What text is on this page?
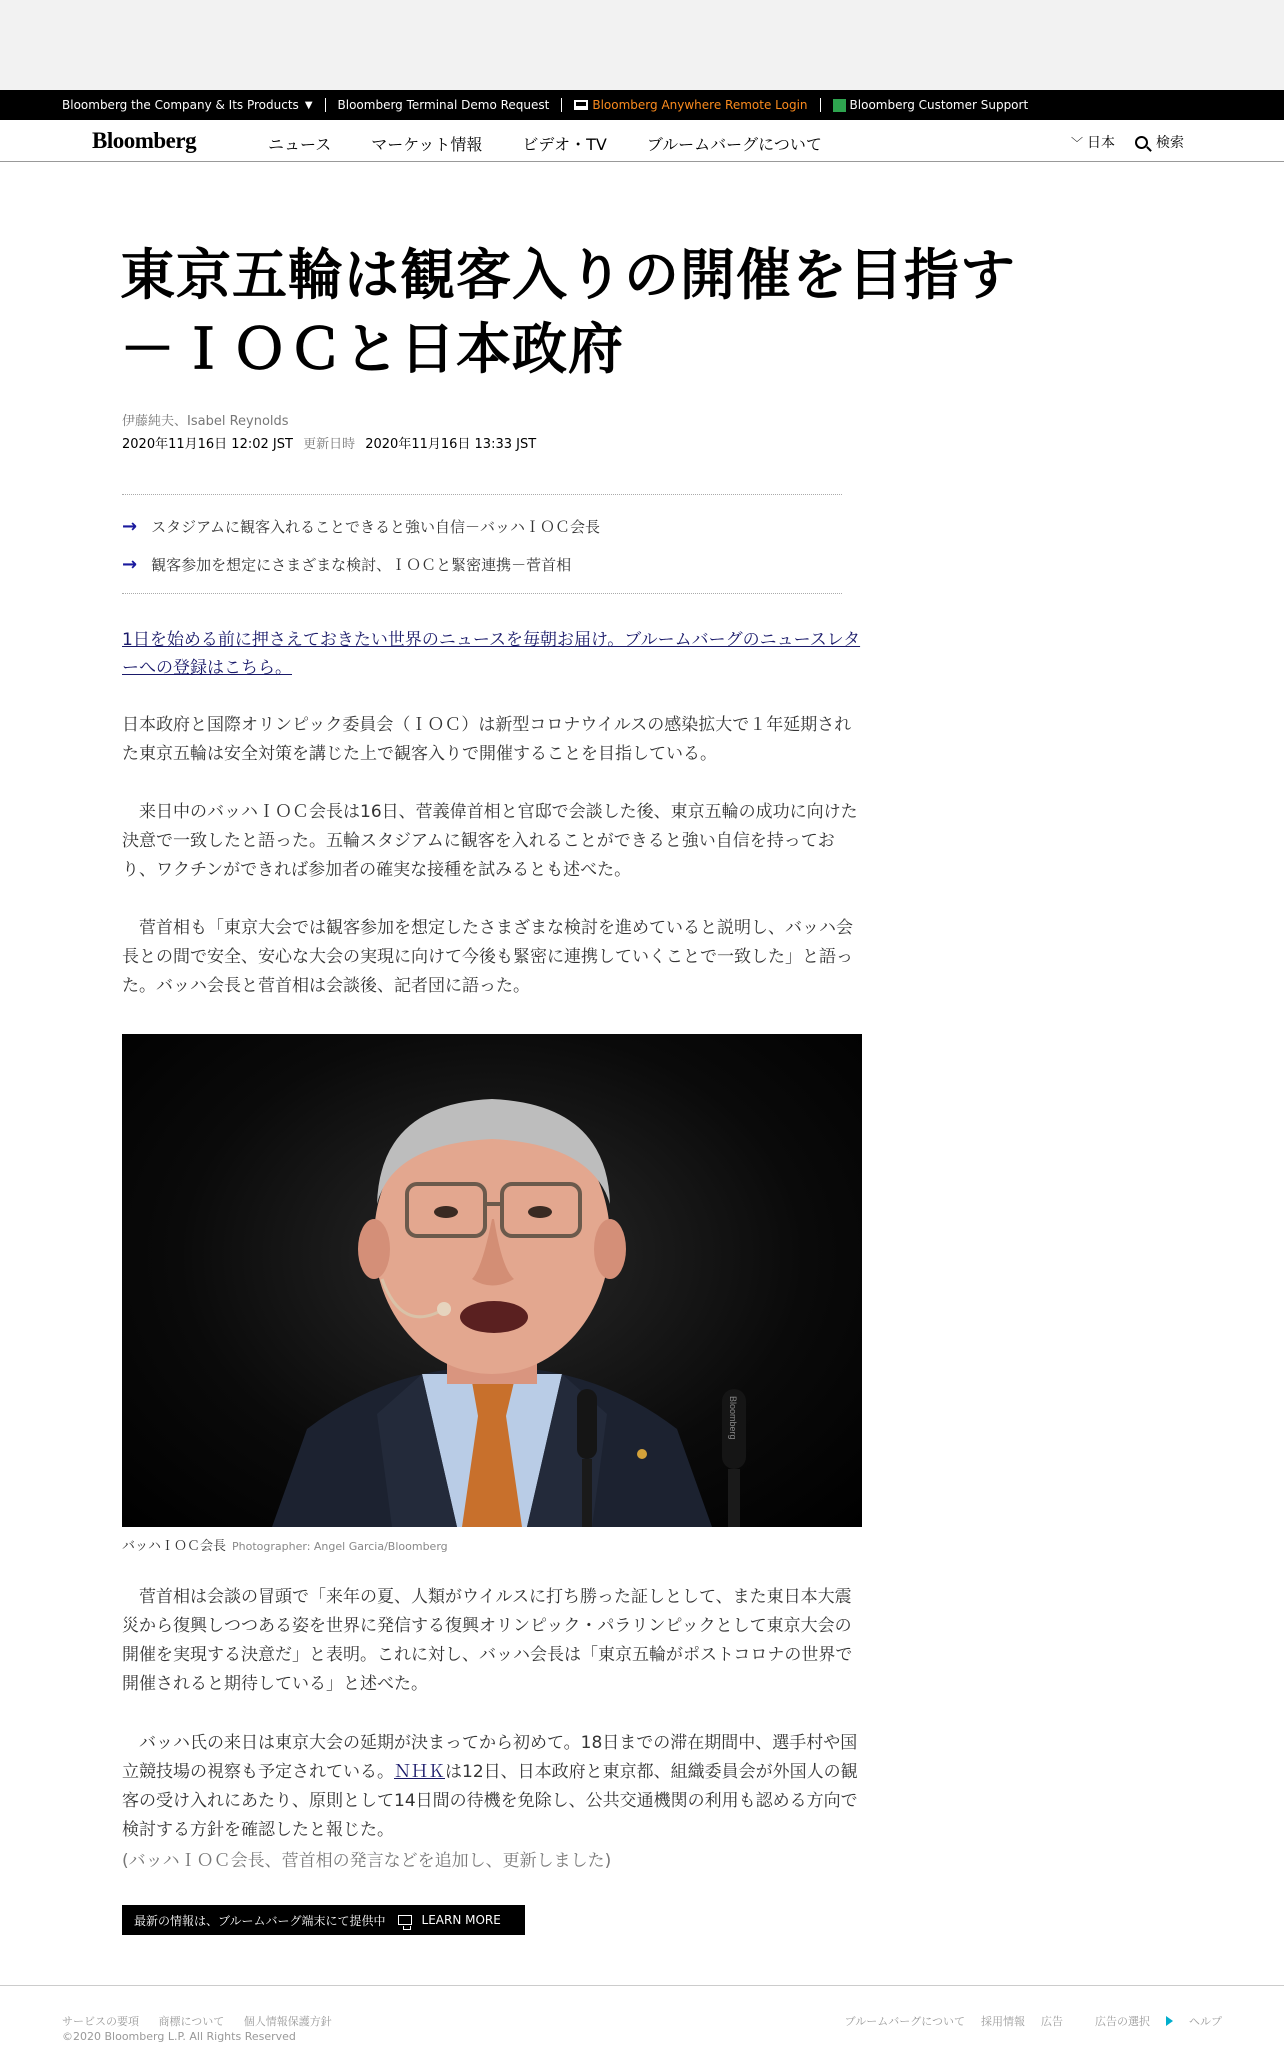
Bloomberg the Company & Its Products ▼ Bloomberg Terminal Demo Request	Bloomberg Anywhere Remote Login	Bloomberg Customer Support
Bloomberg	ニュース	マーケット情報	ビデオ・TV	ブルームバーグについて	﹀ 日本	検索
東京五輪は観客入りの開催を目指す
－ＩＯＣと日本政府
伊藤純夫、Isabel Reynolds
2020年11月16日 12:02 JST 更新日時 2020年11月16日 13:33 JST
→ スタジアムに観客入れることできると強い自信－バッハＩＯＣ会長
→ 観客参加を想定にさまざまな検討、ＩＯＣと緊密連携－菅首相
1日を始める前に押さえておきたい世界のニュースを毎朝お届け。ブルームバーグのニュースレターへの登録はこちら。

日本政府と国際オリンピック委員会（ＩＯＣ）は新型コロナウイルスの感染拡大で１年延期された東京五輪は安全対策を講じた上で観客入りで開催することを目指している。

　来日中のバッハＩＯＣ会長は16日、菅義偉首相と官邸で会談した後、東京五輪の成功に向けた決意で一致したと語った。五輪スタジアムに観客を入れることができると強い自信を持っており、ワクチンができれば参加者の確実な接種を試みるとも述べた。

　菅首相も「東京大会では観客参加を想定したさまざまな検討を進めていると説明し、バッハ会長との間で安全、安心な大会の実現に向けて今後も緊密に連携していくことで一致した」と語った。バッハ会長と菅首相は会談後、記者団に語った。

Bloomberg
バッハＩＯＣ会長 Photographer: Angel Garcia/Bloomberg

　菅首相は会談の冒頭で「来年の夏、人類がウイルスに打ち勝った証しとして、また東日本大震災から復興しつつある姿を世界に発信する復興オリンピック・パラリンピックとして東京大会の開催を実現する決意だ」と表明。これに対し、バッハ会長は「東京五輪がポストコロナの世界で開催されると期待している」と述べた。

　バッハ氏の来日は東京大会の延期が決まってから初めて。18日までの滞在期間中、選手村や国立競技場の視察も予定されている。ＮＨＫは12日、日本政府と東京都、組織委員会が外国人の観客の受け入れにあたり、原則として14日間の待機を免除し、公共交通機関の利用も認める方向で検討する方針を確認したと報じた。

(バッハＩＯＣ会長、菅首相の発言などを追加し、更新しました)
最新の情報は、ブルームバーグ端末にて提供中	LEARN MORE
サービスの要項 商標について 個人情報保護方針
©2020 Bloomberg L.P. All Rights Reserved
ブルームバーグについて 採用情報 広告	広告の選択	ヘルプ
